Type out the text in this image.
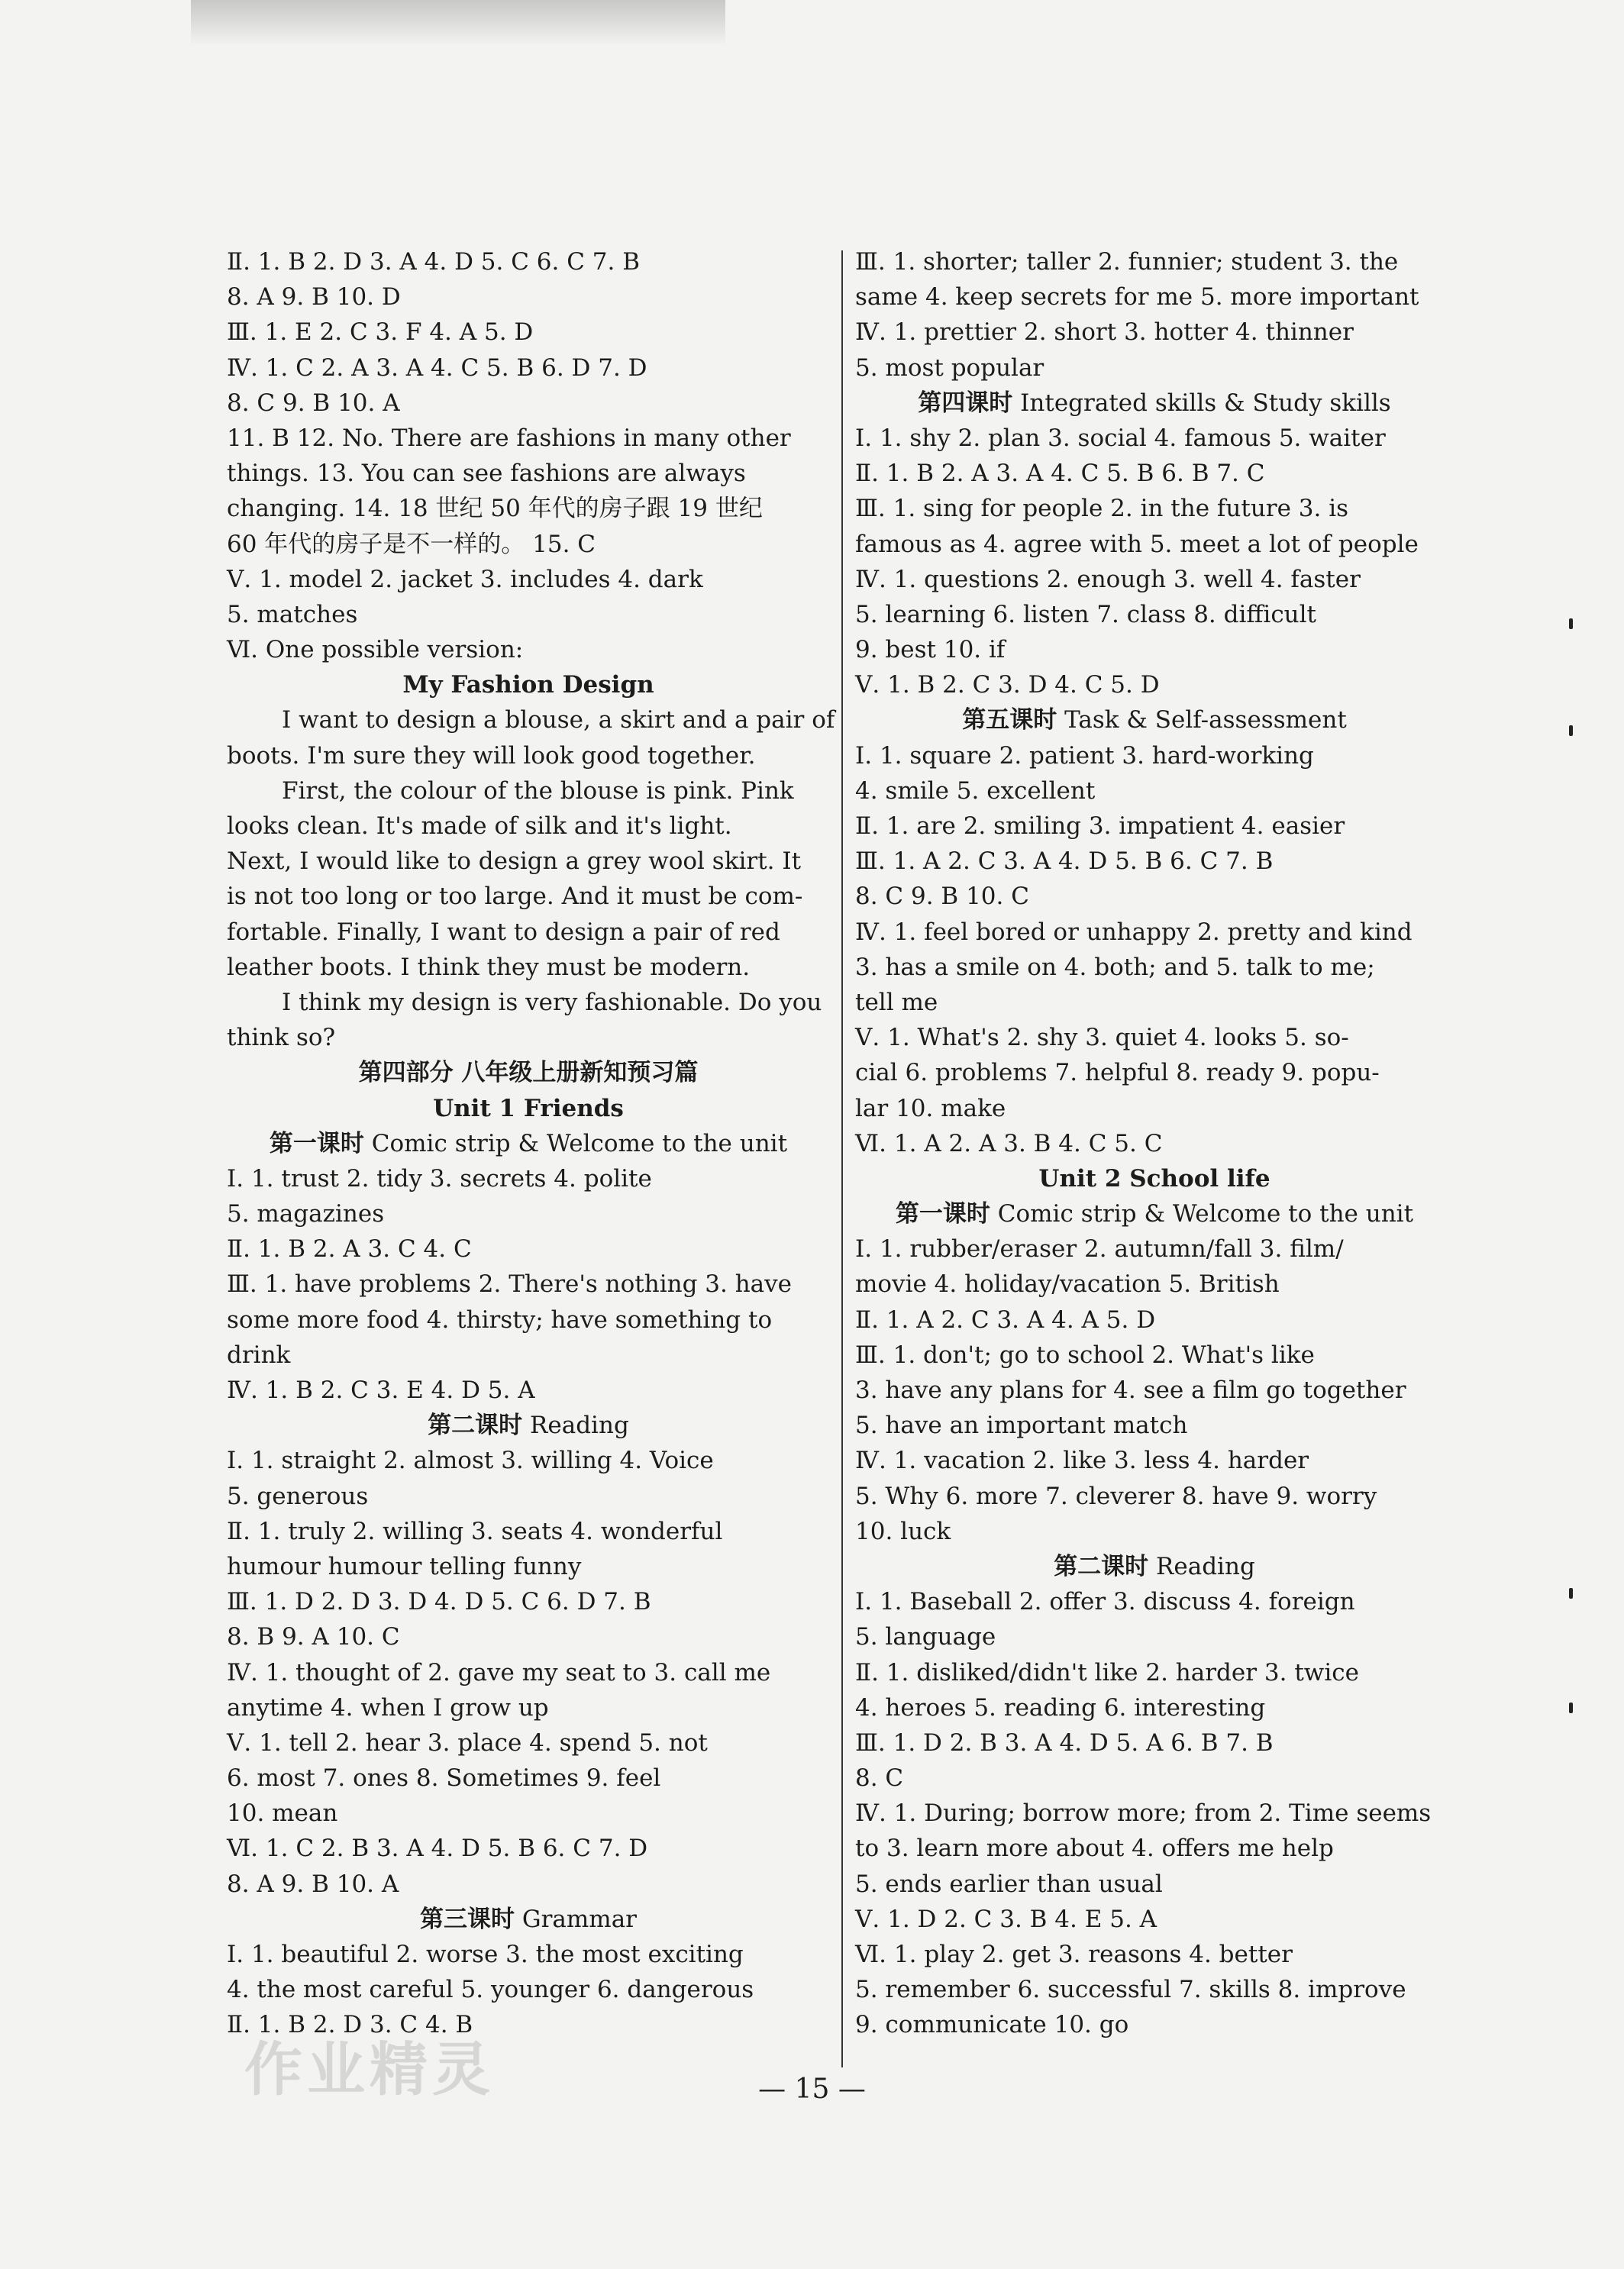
Ⅱ. 1. B 2. D 3. A 4. D 5. C 6. C 7. B
8. A 9. B 10. D
Ⅲ. 1. E 2. C 3. F 4. A 5. D
Ⅳ. 1. C 2. A 3. A 4. C 5. B 6. D 7. D
8. C 9. B 10. A
11. B 12. No. There are fashions in many other
things. 13. You can see fashions are always
changing. 14. 18 世纪 50 年代的房子跟 19 世纪
60 年代的房子是不一样的。 15. C
Ⅴ. 1. model 2. jacket 3. includes 4. dark
5. matches
Ⅵ. One possible version:
My Fashion Design
I want to design a blouse, a skirt and a pair of
boots. I'm sure they will look good together.
First, the colour of the blouse is pink. Pink
looks clean. It's made of silk and it's light.
Next, I would like to design a grey wool skirt. It
is not too long or too large. And it must be com-
fortable. Finally, I want to design a pair of red
leather boots. I think they must be modern.
I think my design is very fashionable. Do you
think so?
第四部分 八年级上册新知预习篇
Unit 1 Friends
第一课时 Comic strip & Welcome to the unit
Ⅰ. 1. trust 2. tidy 3. secrets 4. polite
5. magazines
Ⅱ. 1. B 2. A 3. C 4. C
Ⅲ. 1. have problems 2. There's nothing 3. have
some more food 4. thirsty; have something to
drink
Ⅳ. 1. B 2. C 3. E 4. D 5. A
第二课时 Reading
Ⅰ. 1. straight 2. almost 3. willing 4. Voice
5. generous
Ⅱ. 1. truly 2. willing 3. seats 4. wonderful
humour humour telling funny
Ⅲ. 1. D 2. D 3. D 4. D 5. C 6. D 7. B
8. B 9. A 10. C
Ⅳ. 1. thought of 2. gave my seat to 3. call me
anytime 4. when I grow up
Ⅴ. 1. tell 2. hear 3. place 4. spend 5. not
6. most 7. ones 8. Sometimes 9. feel
10. mean
Ⅵ. 1. C 2. B 3. A 4. D 5. B 6. C 7. D
8. A 9. B 10. A
第三课时 Grammar
Ⅰ. 1. beautiful 2. worse 3. the most exciting
4. the most careful 5. younger 6. dangerous
Ⅱ. 1. B 2. D 3. C 4. B
Ⅲ. 1. shorter; taller 2. funnier; student 3. the
same 4. keep secrets for me 5. more important
Ⅳ. 1. prettier 2. short 3. hotter 4. thinner
5. most popular
第四课时 Integrated skills & Study skills
Ⅰ. 1. shy 2. plan 3. social 4. famous 5. waiter
Ⅱ. 1. B 2. A 3. A 4. C 5. B 6. B 7. C
Ⅲ. 1. sing for people 2. in the future 3. is
famous as 4. agree with 5. meet a lot of people
Ⅳ. 1. questions 2. enough 3. well 4. faster
5. learning 6. listen 7. class 8. difficult
9. best 10. if
Ⅴ. 1. B 2. C 3. D 4. C 5. D
第五课时 Task & Self-assessment
Ⅰ. 1. square 2. patient 3. hard-working
4. smile 5. excellent
Ⅱ. 1. are 2. smiling 3. impatient 4. easier
Ⅲ. 1. A 2. C 3. A 4. D 5. B 6. C 7. B
8. C 9. B 10. C
Ⅳ. 1. feel bored or unhappy 2. pretty and kind
3. has a smile on 4. both; and 5. talk to me;
tell me
Ⅴ. 1. What's 2. shy 3. quiet 4. looks 5. so-
cial 6. problems 7. helpful 8. ready 9. popu-
lar 10. make
Ⅵ. 1. A 2. A 3. B 4. C 5. C
Unit 2 School life
第一课时 Comic strip & Welcome to the unit
Ⅰ. 1. rubber/eraser 2. autumn/fall 3. film/
movie 4. holiday/vacation 5. British
Ⅱ. 1. A 2. C 3. A 4. A 5. D
Ⅲ. 1. don't; go to school 2. What's like
3. have any plans for 4. see a film go together
5. have an important match
Ⅳ. 1. vacation 2. like 3. less 4. harder
5. Why 6. more 7. cleverer 8. have 9. worry
10. luck
第二课时 Reading
Ⅰ. 1. Baseball 2. offer 3. discuss 4. foreign
5. language
Ⅱ. 1. disliked/didn't like 2. harder 3. twice
4. heroes 5. reading 6. interesting
Ⅲ. 1. D 2. B 3. A 4. D 5. A 6. B 7. B
8. C
Ⅳ. 1. During; borrow more; from 2. Time seems
to 3. learn more about 4. offers me help
5. ends earlier than usual
Ⅴ. 1. D 2. C 3. B 4. E 5. A
Ⅵ. 1. play 2. get 3. reasons 4. better
5. remember 6. successful 7. skills 8. improve
9. communicate 10. go
作业精灵	— 15 —
